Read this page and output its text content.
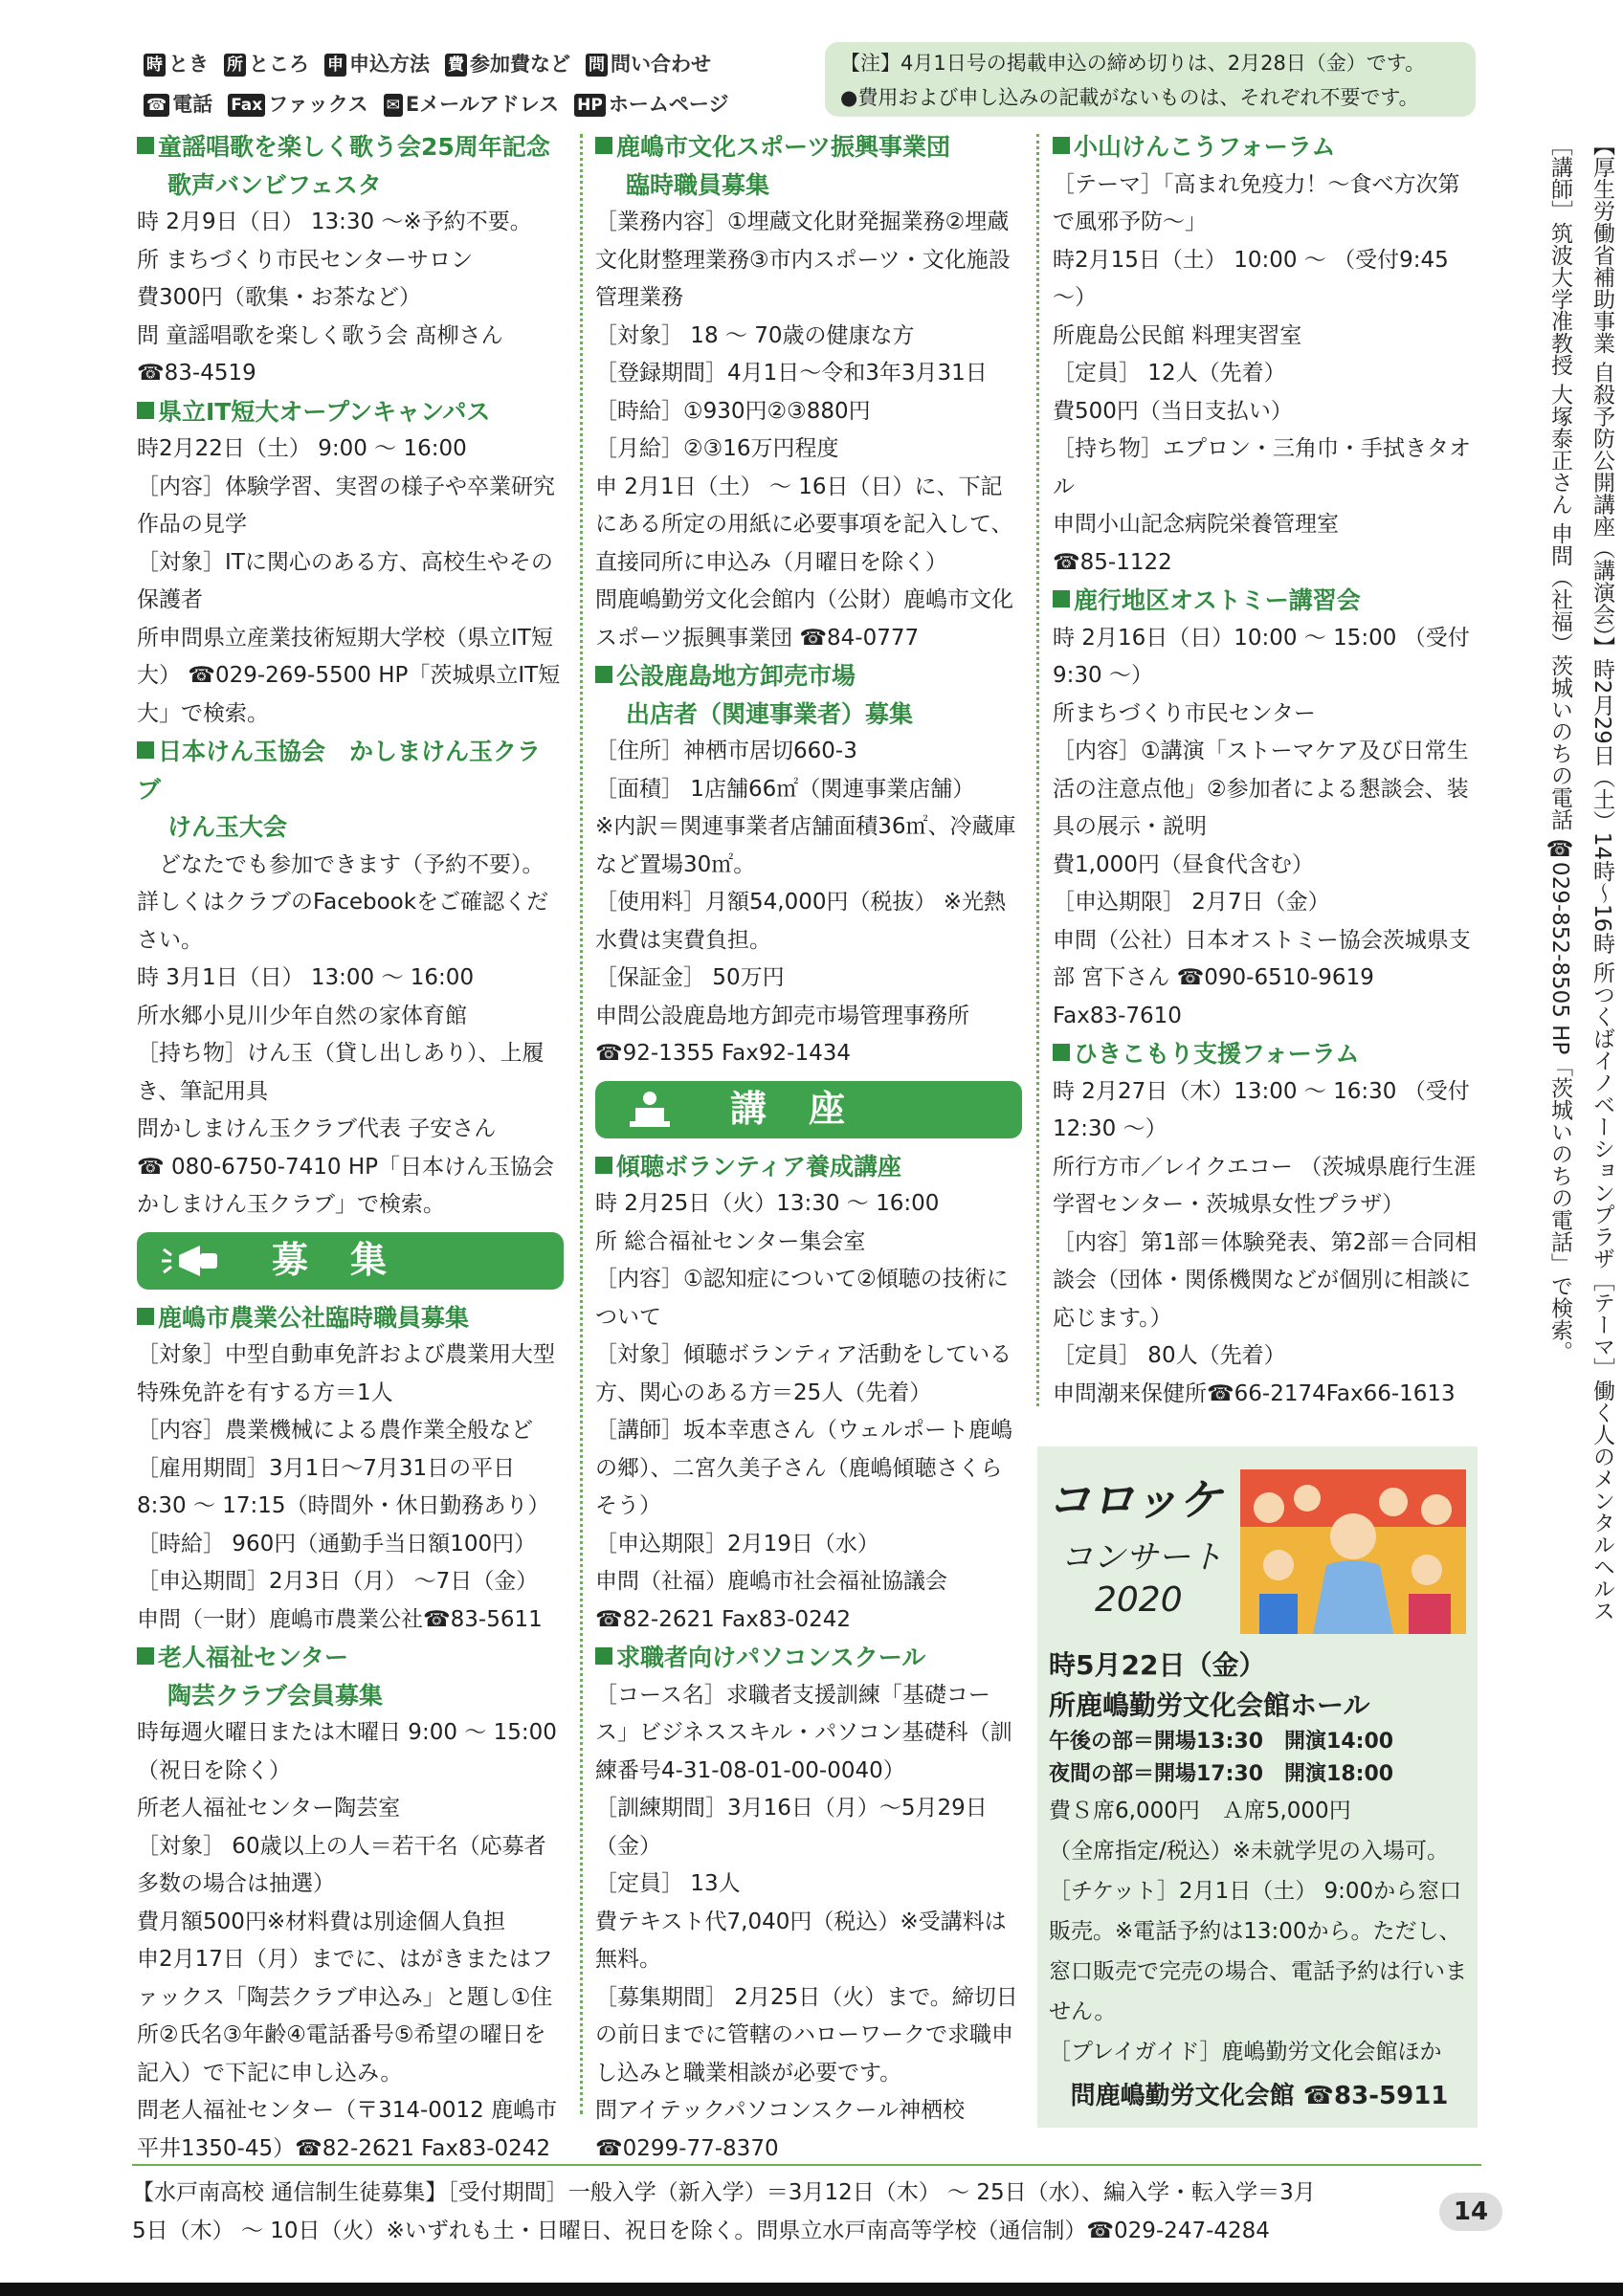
時 とき 所 ところ 申 申込方法 費 参加費など 問 問い合わせ
☎ 電話 Fax ファックス ✉ Eメールアドレス HP ホームページ
【注】4月1日号の掲載申込の締め切りは、2月28日（金）です。
●費用および申し込みの記載がないものは、それぞれ不要です。
童謡唱歌を楽しく歌う会25周年記念
歌声バンビフェスタ
時 2月9日（日） 13:30 ～※予約不要。
所 まちづくり市民センターサロン
費300円（歌集・お茶など）
問 童謡唱歌を楽しく歌う会 髙柳さん
☎83-4519
県立IT短大オープンキャンパス
時2月22日（土） 9:00 ～ 16:00
［内容］体験学習、実習の様子や卒業研究作品の見学
［対象］ITに関心のある方、高校生やその保護者
所申問県立産業技術短期大学校（県立IT短大） ☎029-269-5500 HP「茨城県立IT短大」で検索。
日本けん玉協会　かしまけん玉クラブ
けん玉大会
　どなたでも参加できます（予約不要）。詳しくはクラブのFacebookをご確認ください。
時 3月1日（日） 13:00 ～ 16:00
所水郷小見川少年自然の家体育館
［持ち物］けん玉（貸し出しあり）、上履き、筆記用具
問かしまけん玉クラブ代表 子安さん
☎ 080-6750-7410 HP「日本けん玉協会 かしまけん玉クラブ」で検索。
募集
鹿嶋市農業公社臨時職員募集
［対象］中型自動車免許および農業用大型特殊免許を有する方＝1人
［内容］農業機械による農作業全般など
［雇用期間］3月1日～7月31日の平日8:30 ～ 17:15（時間外・休日勤務あり）
［時給］ 960円（通勤手当日額100円）
［申込期間］2月3日（月） ～7日（金）
申問（一財）鹿嶋市農業公社☎83-5611
老人福祉センター
陶芸クラブ会員募集
時毎週火曜日または木曜日 9:00 ～ 15:00 （祝日を除く）
所老人福祉センター陶芸室
［対象］ 60歳以上の人＝若干名（応募者多数の場合は抽選）
費月額500円※材料費は別途個人負担
申2月17日（月）までに、はがきまたはファックス「陶芸クラブ申込み」と題し①住所②氏名③年齢④電話番号⑤希望の曜日を記入）で下記に申し込み。
問老人福祉センター（〒314-0012 鹿嶋市平井1350-45）☎82-2621 Fax83-0242
鹿嶋市文化スポーツ振興事業団
臨時職員募集
［業務内容］①埋蔵文化財発掘業務②埋蔵文化財整理業務③市内スポーツ・文化施設管理業務
［対象］ 18 ～ 70歳の健康な方
［登録期間］4月1日～令和3年3月31日
［時給］①930円②③880円
［月給］②③16万円程度
申 2月1日（土） ～ 16日（日）に、下記にある所定の用紙に必要事項を記入して、直接同所に申込み（月曜日を除く）
問鹿嶋勤労文化会館内（公財）鹿嶋市文化スポーツ振興事業団 ☎84-0777
公設鹿島地方卸売市場
出店者（関連事業者）募集
［住所］神栖市居切660-3
［面積］ 1店舗66㎡（関連事業店舗）
※内訳＝関連事業者店舗面積36㎡、冷蔵庫など置場30㎡。
［使用料］月額54,000円（税抜） ※光熱水費は実費負担。
［保証金］ 50万円
申問公設鹿島地方卸売市場管理事務所
☎92-1355 Fax92-1434
講座
傾聴ボランティア養成講座
時 2月25日（火）13:30 ～ 16:00
所 総合福祉センター集会室
［内容］①認知症について②傾聴の技術について
［対象］傾聴ボランティア活動をしている方、関心のある方＝25人（先着）
［講師］坂本幸恵さん（ウェルポート鹿嶋の郷）、二宮久美子さん（鹿嶋傾聴さくらそう）
［申込期限］2月19日（水）
申問（社福）鹿嶋市社会福祉協議会
☎82-2621 Fax83-0242
求職者向けパソコンスクール
［コース名］求職者支援訓練「基礎コース」ビジネススキル・パソコン基礎科（訓練番号4-31-08-01-00-0040）
［訓練期間］3月16日（月）～5月29日（金）
［定員］ 13人
費テキスト代7,040円（税込）※受講料は無料。
［募集期間］ 2月25日（火）まで。締切日の前日までに管轄のハローワークで求職申し込みと職業相談が必要です。
問アイテックパソコンスクール神栖校
☎0299-77-8370
小山けんこうフォーラム
［テーマ］「高まれ免疫力！～食べ方次第で風邪予防～」
時2月15日（土） 10:00 ～ （受付9:45 ～）
所鹿島公民館 料理実習室
［定員］ 12人（先着）
費500円（当日支払い）
［持ち物］エプロン・三角巾・手拭きタオル
申問小山記念病院栄養管理室
☎85-1122
鹿行地区オストミー講習会
時 2月16日（日）10:00 ～ 15:00 （受付9:30 ～）
所まちづくり市民センター
［内容］①講演「ストーマケア及び日常生活の注意点他」②参加者による懇談会、装具の展示・説明
費1,000円（昼食代含む）
［申込期限］ 2月7日（金）
申問（公社）日本オストミー協会茨城県支部 宮下さん ☎090-6510-9619
Fax83-7610
ひきこもり支援フォーラム
時 2月27日（木）13:00 ～ 16:30 （受付12:30 ～）
所行方市／レイクエコー （茨城県鹿行生涯学習センター・茨城県女性プラザ）
［内容］第1部＝体験発表、第2部＝合同相談会（団体・関係機関などが個別に相談に応じます。）
［定員］ 80人（先着）
申問潮来保健所☎66-2174Fax66-1613	【厚生労働省補助事業 自殺予防公開講座（講演会）】時2月29日（土）14時～16時 所つくばイノベーションプラザ［テーマ］働く人のメンタルヘルス
［講師］筑波大学准教授 大塚泰正さん 申問（社福）茨城いのちの電話 ☎029-852-8505 HP「茨城いのちの電話」で検索。
コロッケ
コンサート
2020
時5月22日（金）
所鹿嶋勤労文化会館ホール
午後の部＝開場13:30　開演14:00
夜間の部＝開場17:30　開演18:00
費Ｓ席6,000円　Ａ席5,000円
（全席指定/税込）※未就学児の入場可。
［チケット］2月1日（土） 9:00から窓口販売。※電話予約は13:00から。ただし、窓口販売で完売の場合、電話予約は行いません。
［プレイガイド］鹿嶋勤労文化会館ほか
問鹿嶋勤労文化会館 ☎83-5911
【水戸南高校 通信制生徒募集】［受付期間］一般入学（新入学）＝3月12日（木） ～ 25日（水）、編入学・転入学＝3月
5日（木） ～ 10日（火）※いずれも土・日曜日、祝日を除く。問県立水戸南高等学校（通信制）☎029-247-4284
14
